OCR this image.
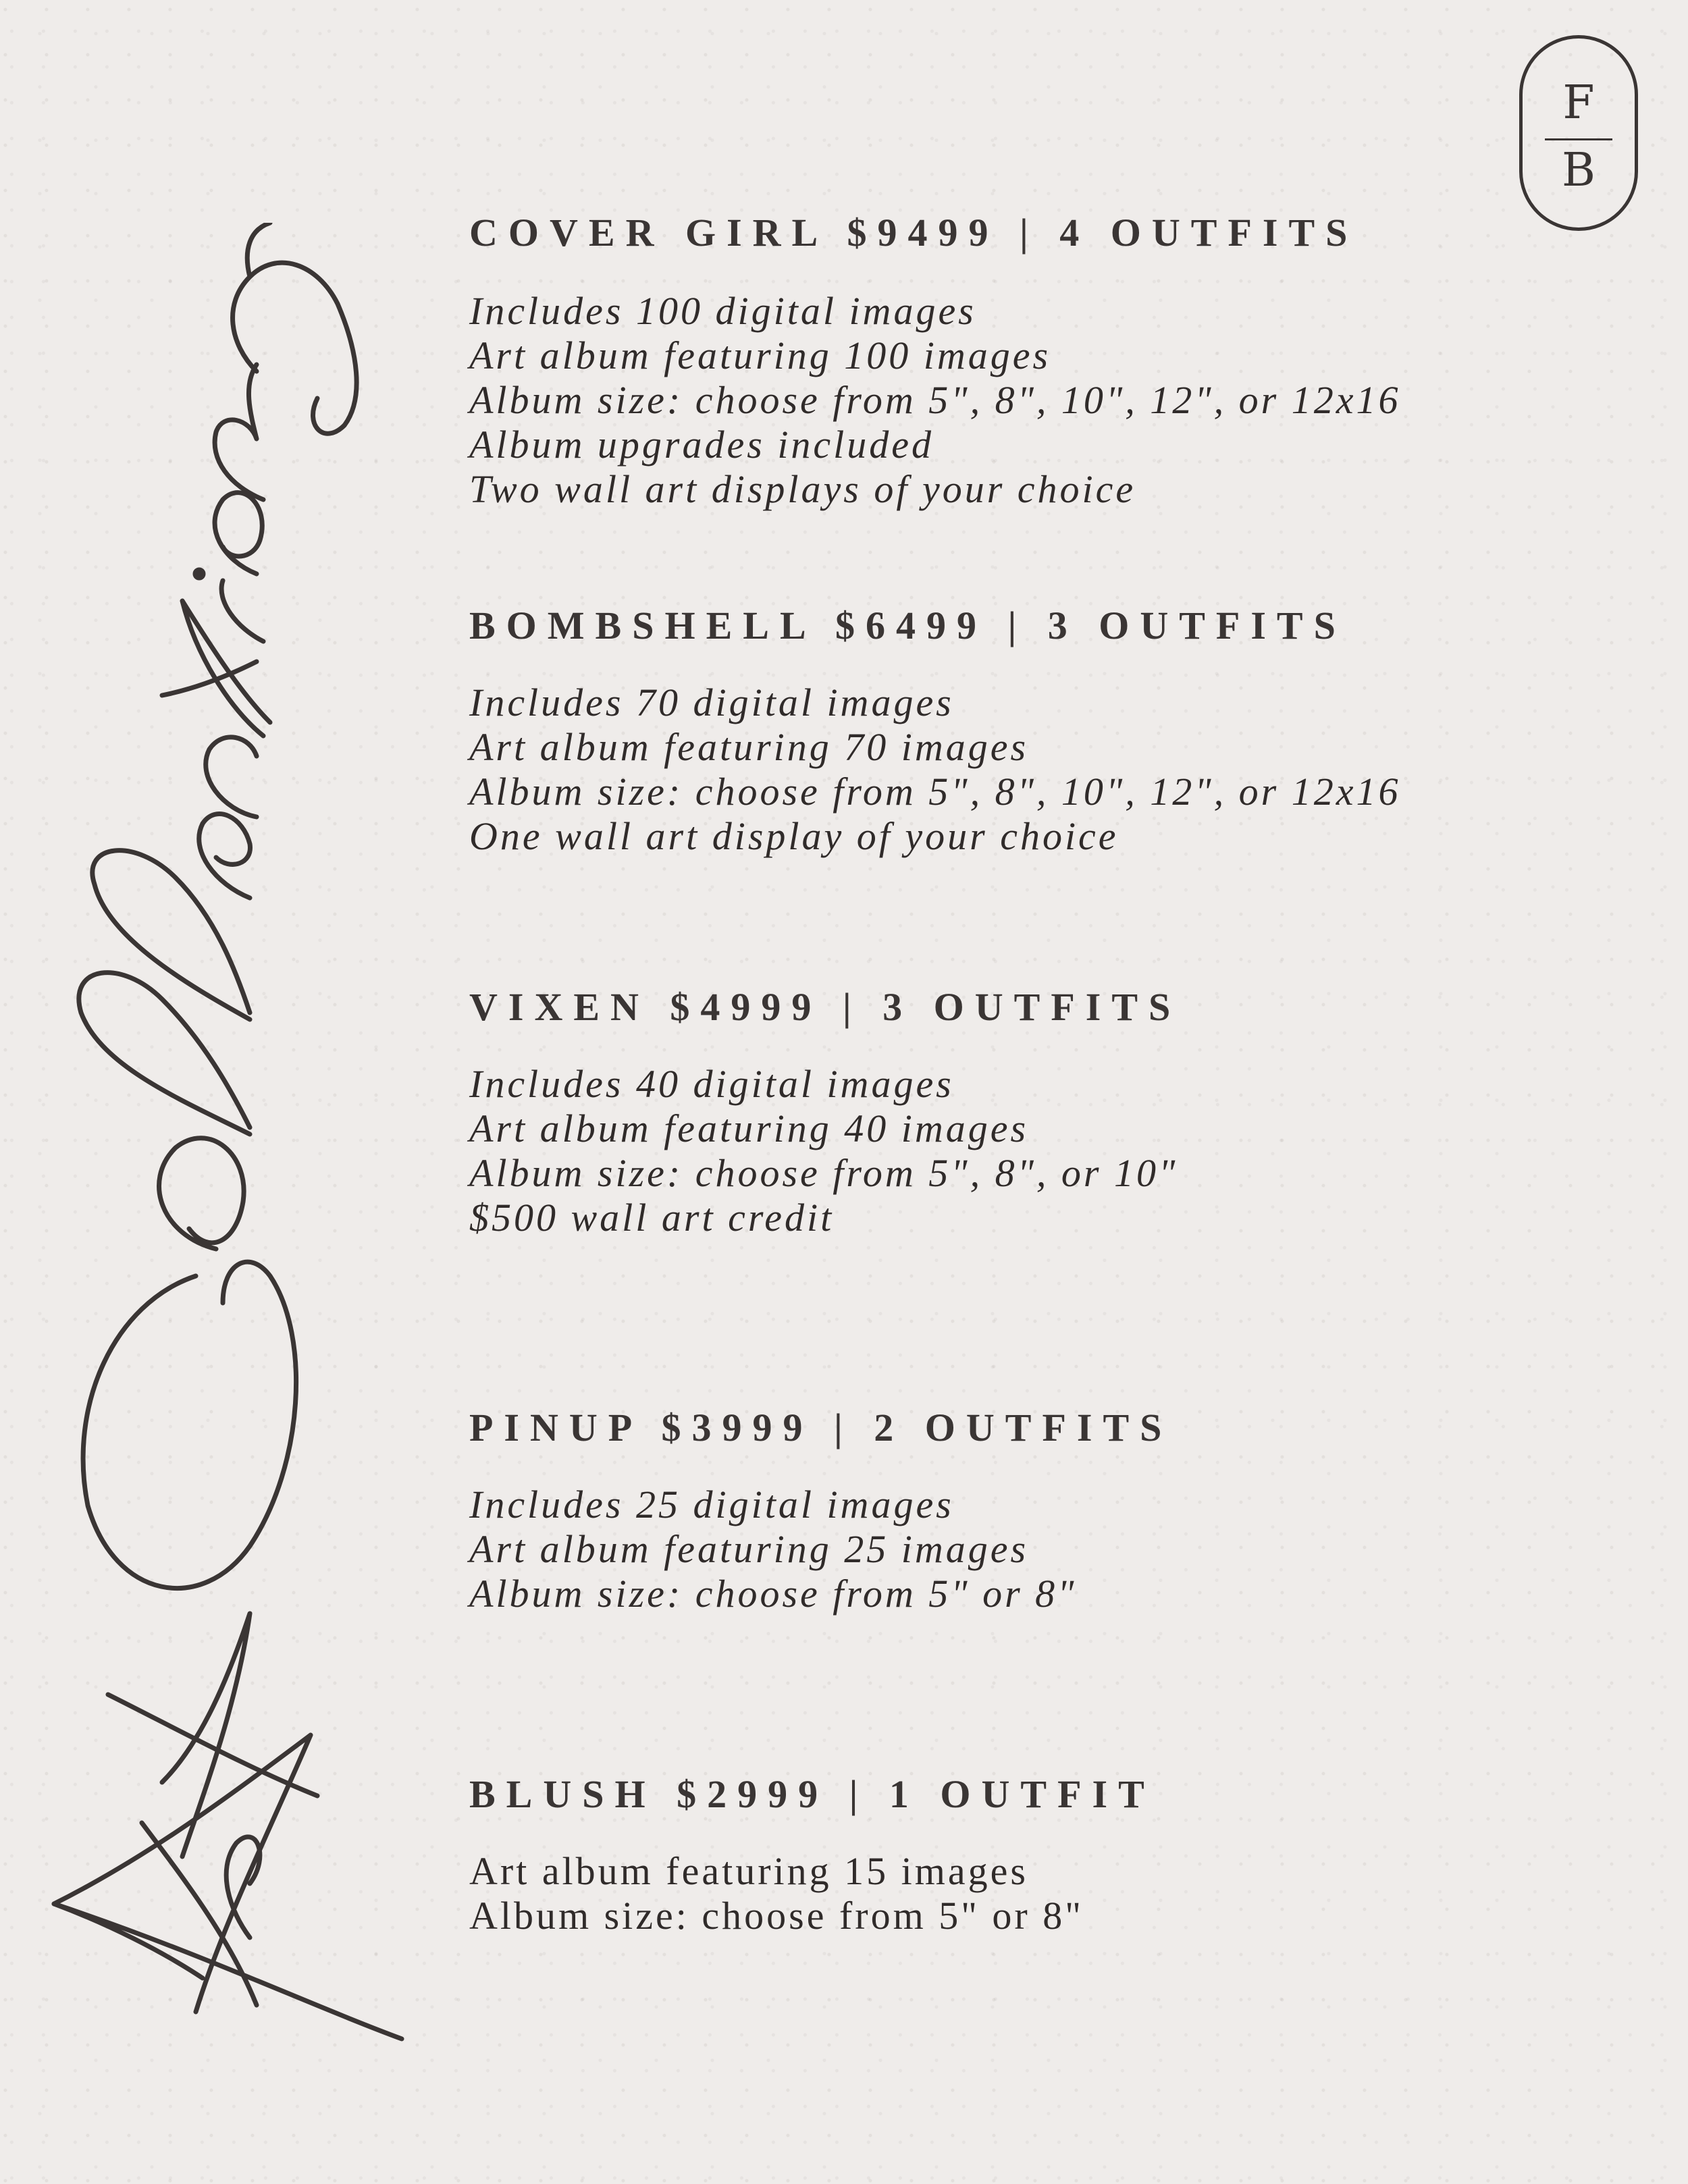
F
B
COVER GIRL $9499 | 4 OUTFITS
Includes 100 digital images
Art album featuring 100 images
Album size: choose from 5", 8", 10", 12", or 12x16
Album upgrades included
Two wall art displays of your choice
BOMBSHELL $6499 | 3 OUTFITS
Includes 70 digital images
Art album featuring 70 images
Album size: choose from 5", 8", 10", 12", or 12x16
One wall art display of your choice
VIXEN $4999 | 3 OUTFITS
Includes 40 digital images
Art album featuring 40 images
Album size: choose from 5", 8", or 10"
$500 wall art credit
PINUP $3999 | 2 OUTFITS
Includes 25 digital images
Art album featuring 25 images
Album size: choose from 5" or 8"
BLUSH $2999 | 1 OUTFIT
Art album featuring 15 images
Album size: choose from 5" or 8"
